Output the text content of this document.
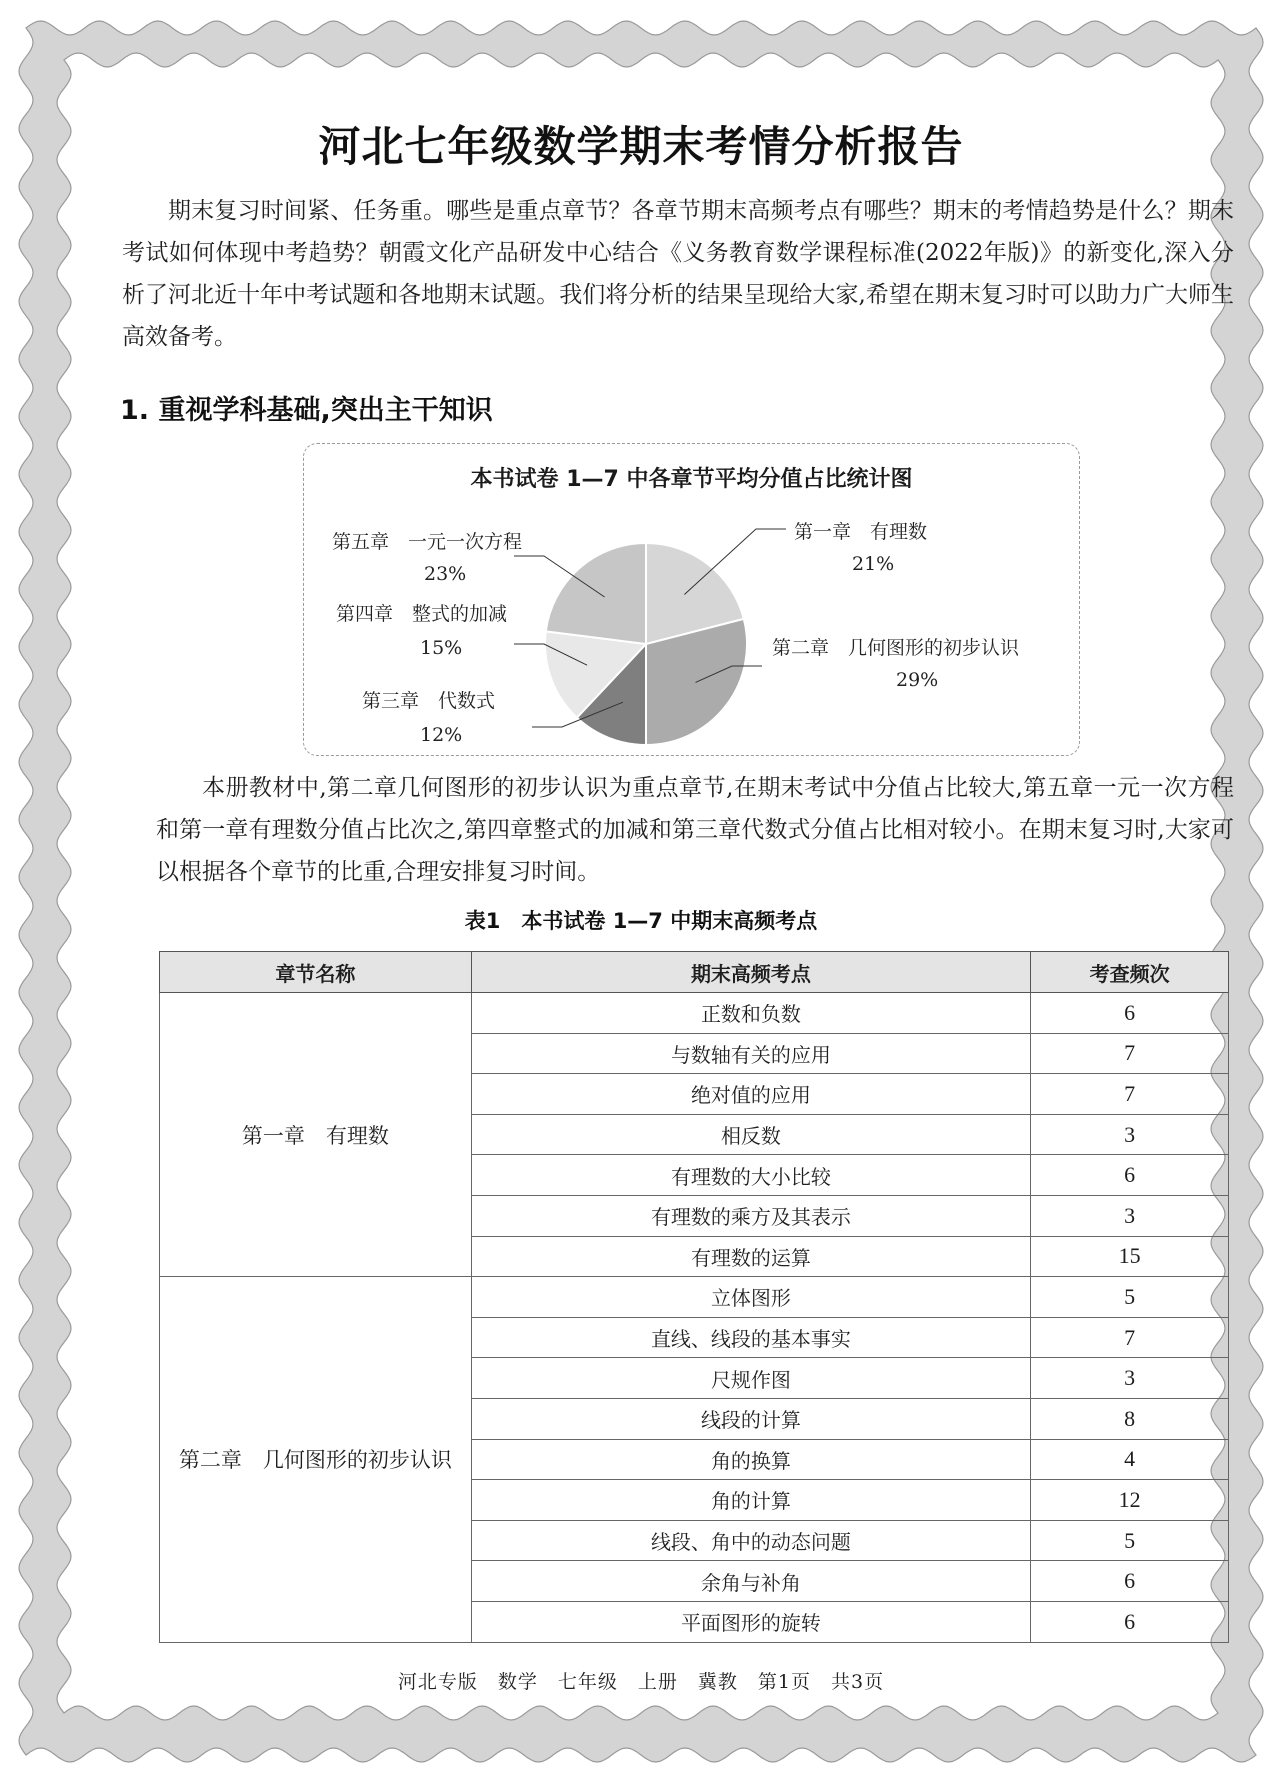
河北七年级数学期末考情分析报告

期末复习时间紧、任务重。哪些是重点章节？各章节期末高频考点有哪些？期末的考情趋势是什么？期末考试如何体现中考趋势？朝霞文化产品研发中心结合《义务教育数学课程标准(2022年版)》的新变化,深入分析了河北近十年中考试题和各地期末试题。我们将分析的结果呈现给大家,希望在期末复习时可以助力广大师生高效备考。

1. 重视学科基础,突出主干知识
本书试卷 1—7 中各章节平均分值占比统计图
第一章　有理数
21%
第二章　几何图形的初步认识
29%
第三章　代数式
12%
第四章　整式的加减
15%
第五章　一元一次方程
23%

本册教材中,第二章几何图形的初步认识为重点章节,在期末考试中分值占比较大,第五章一元一次方程和第一章有理数分值占比次之,第四章整式的加减和第三章代数式分值占比相对较小。在期末复习时,大家可以根据各个章节的比重,合理安排复习时间。

表1　本书试卷 1—7 中期末高频考点
章节名称	期末高频考点	考查频次
第一章　有理数	正数和负数	6
	与数轴有关的应用	7
	绝对值的应用	7
	相反数	3
	有理数的大小比较	6
	有理数的乘方及其表示	3
	有理数的运算	15
第二章　几何图形的初步认识	立体图形	5
	直线、线段的基本事实	7
	尺规作图	3
	线段的计算	8
	角的换算	4
	角的计算	12
	线段、角中的动态问题	5
	余角与补角	6
	平面图形的旋转	6
河北专版　数学　七年级　上册　冀教　第1页　共3页
